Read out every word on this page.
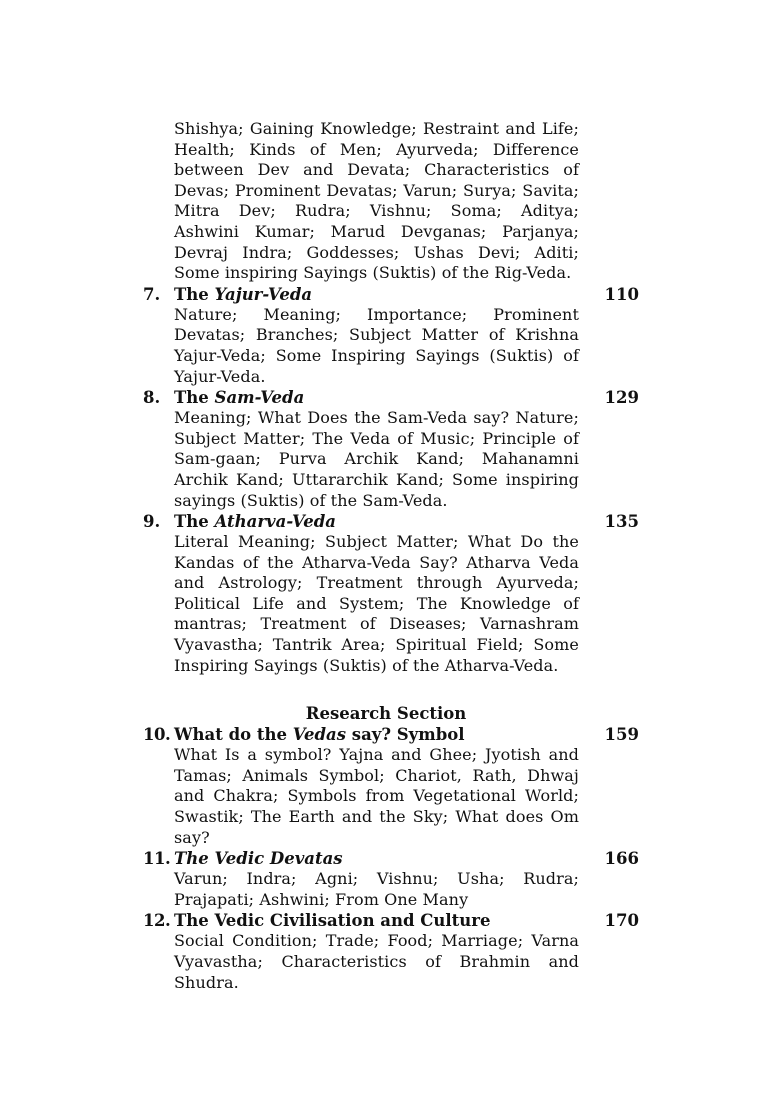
Shishya; Gaining Knowledge; Restraint and Life; Health; Kinds of Men; Ayurveda; Difference between Dev and Devata; Characteristics of Devas; Prominent Devatas; Varun; Surya; Savita; Mitra Dev; Rudra; Vishnu; Soma; Aditya; Ashwini Kumar; Marud Devganas; Parjanya; Devraj Indra; Goddesses; Ushas Devi; Aditi; Some inspiring Sayings (Suktis) of the Rig-Veda.
7. The Yajur-Veda	110
Nature; Meaning; Importance; Prominent Devatas; Branches; Subject Matter of Krishna Yajur-Veda; Some Inspiring Sayings (Suktis) of Yajur-Veda.
8. The Sam-Veda	129
Meaning; What Does the Sam-Veda say? Nature; Subject Matter; The Veda of Music; Principle of Sam-gaan; Purva Archik Kand; Mahanamni Archik Kand; Uttararchik Kand; Some inspiring sayings (Suktis) of the Sam-Veda.
9. The Atharva-Veda	135
Literal Meaning; Subject Matter; What Do the Kandas of the Atharva-Veda Say? Atharva Veda and Astrology; Treatment through Ayurveda; Political Life and System; The Knowledge of mantras; Treatment of Diseases; Varnashram Vyavastha; Tantrik Area; Spiritual Field; Some Inspiring Sayings (Suktis) of the Atharva-Veda.
Research Section
10. What do the Vedas say? Symbol	159
What Is a symbol? Yajna and Ghee; Jyotish and Tamas; Animals Symbol; Chariot, Rath, Dhwaj and Chakra; Symbols from Vegetational World; Swastik; The Earth and the Sky; What does Om say?
11. The Vedic Devatas	166
Varun; Indra; Agni; Vishnu; Usha; Rudra; Prajapati; Ashwini; From One Many
12. The Vedic Civilisation and Culture	170
Social Condition; Trade; Food; Marriage; Varna Vyavastha; Characteristics of Brahmin and Shudra.
